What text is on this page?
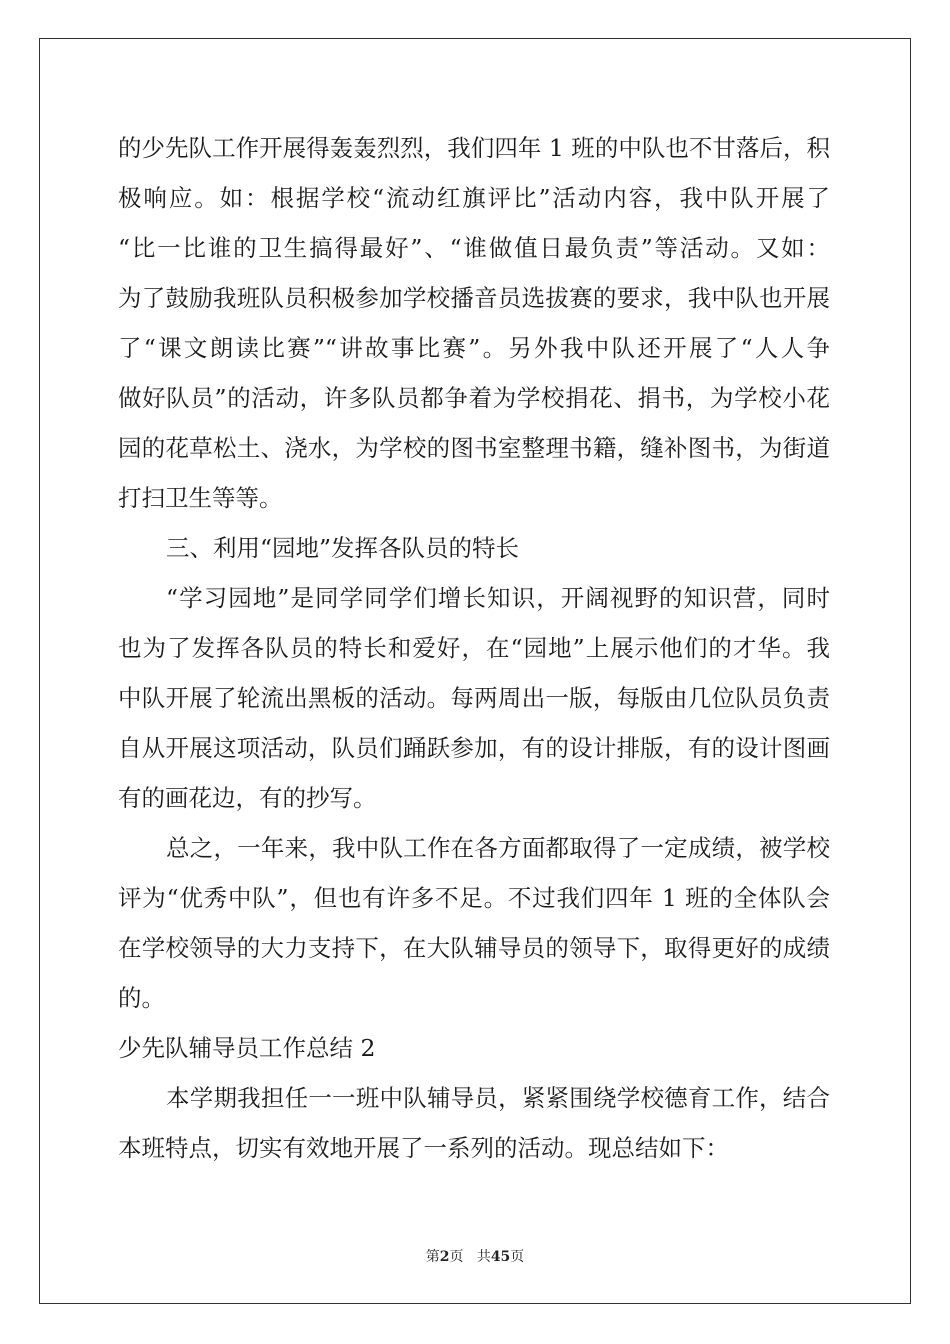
的少先队工作开展得轰轰烈烈，我们四年 1 班的中队也不甘落后，积
极响应。如：根据学校“流动红旗评比”活动内容，我中队开展了
“比一比谁的卫生搞得最好”、“谁做值日最负责”等活动。又如：
为了鼓励我班队员积极参加学校播音员选拔赛的要求，我中队也开展
了“课文朗读比赛”“讲故事比赛”。另外我中队还开展了“人人争
做好队员”的活动，许多队员都争着为学校捐花、捐书，为学校小花
园的花草松土、浇水，为学校的图书室整理书籍，缝补图书，为街道
打扫卫生等等。
三、利用“园地”发挥各队员的特长
“学习园地”是同学同学们增长知识，开阔视野的知识营，同时
也为了发挥各队员的特长和爱好，在“园地”上展示他们的才华。我
中队开展了轮流出黑板的活动。每两周出一版，每版由几位队员负责
自从开展这项活动，队员们踊跃参加，有的设计排版，有的设计图画
有的画花边，有的抄写。
总之，一年来，我中队工作在各方面都取得了一定成绩，被学校
评为“优秀中队”，但也有许多不足。不过我们四年 1 班的全体队会
在学校领导的大力支持下，在大队辅导员的领导下，取得更好的成绩
的。
少先队辅导员工作总结 2
本学期我担任一一班中队辅导员，紧紧围绕学校德育工作，结合
本班特点，切实有效地开展了一系列的活动。现总结如下：
第2页 共45页
